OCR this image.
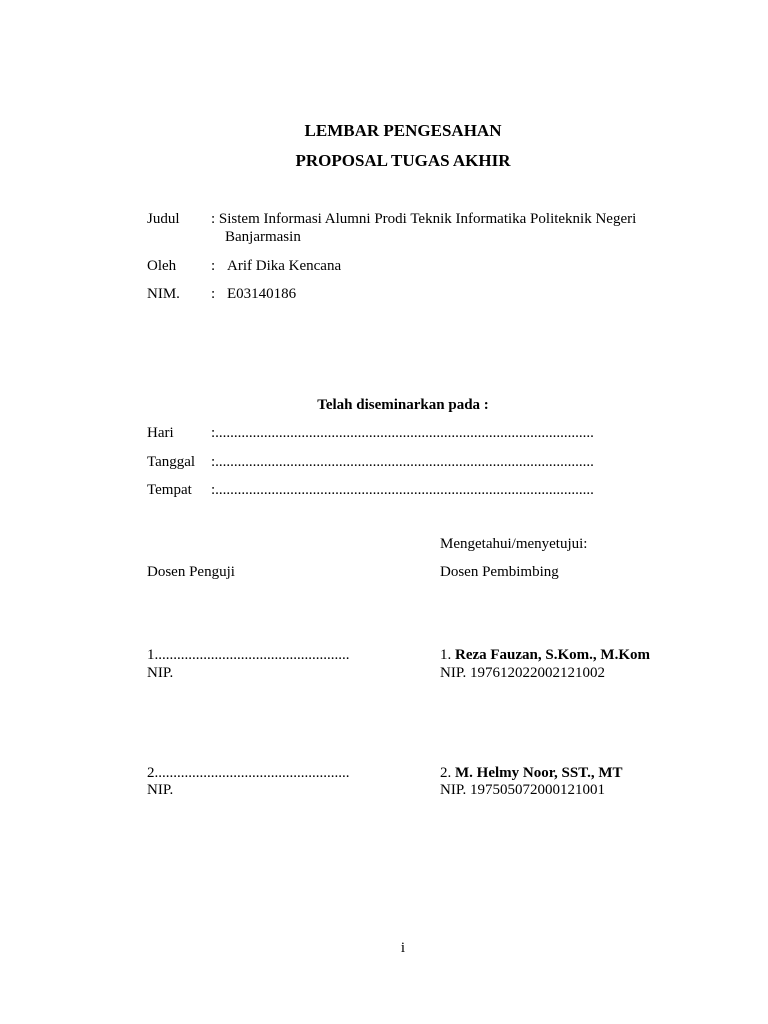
LEMBAR PENGESAHAN
PROPOSAL TUGAS AKHIR
Judul : Sistem Informasi Alumni Prodi Teknik Informatika Politeknik Negeri
Banjarmasin
Oleh : Arif Dika Kencana
NIM. : E03140186
Telah diseminarkan pada :
Hari :.....................................................................................................
Tanggal :.....................................................................................................
Tempat :.....................................................................................................
Mengetahui/menyetujui:
Dosen Penguji	Dosen Pembimbing
1....................................................
NIP.
1. Reza Fauzan, S.Kom., M.Kom
NIP. 197612022002121002
2....................................................
NIP.
2. M. Helmy Noor, SST., MT
NIP. 197505072000121001
i
